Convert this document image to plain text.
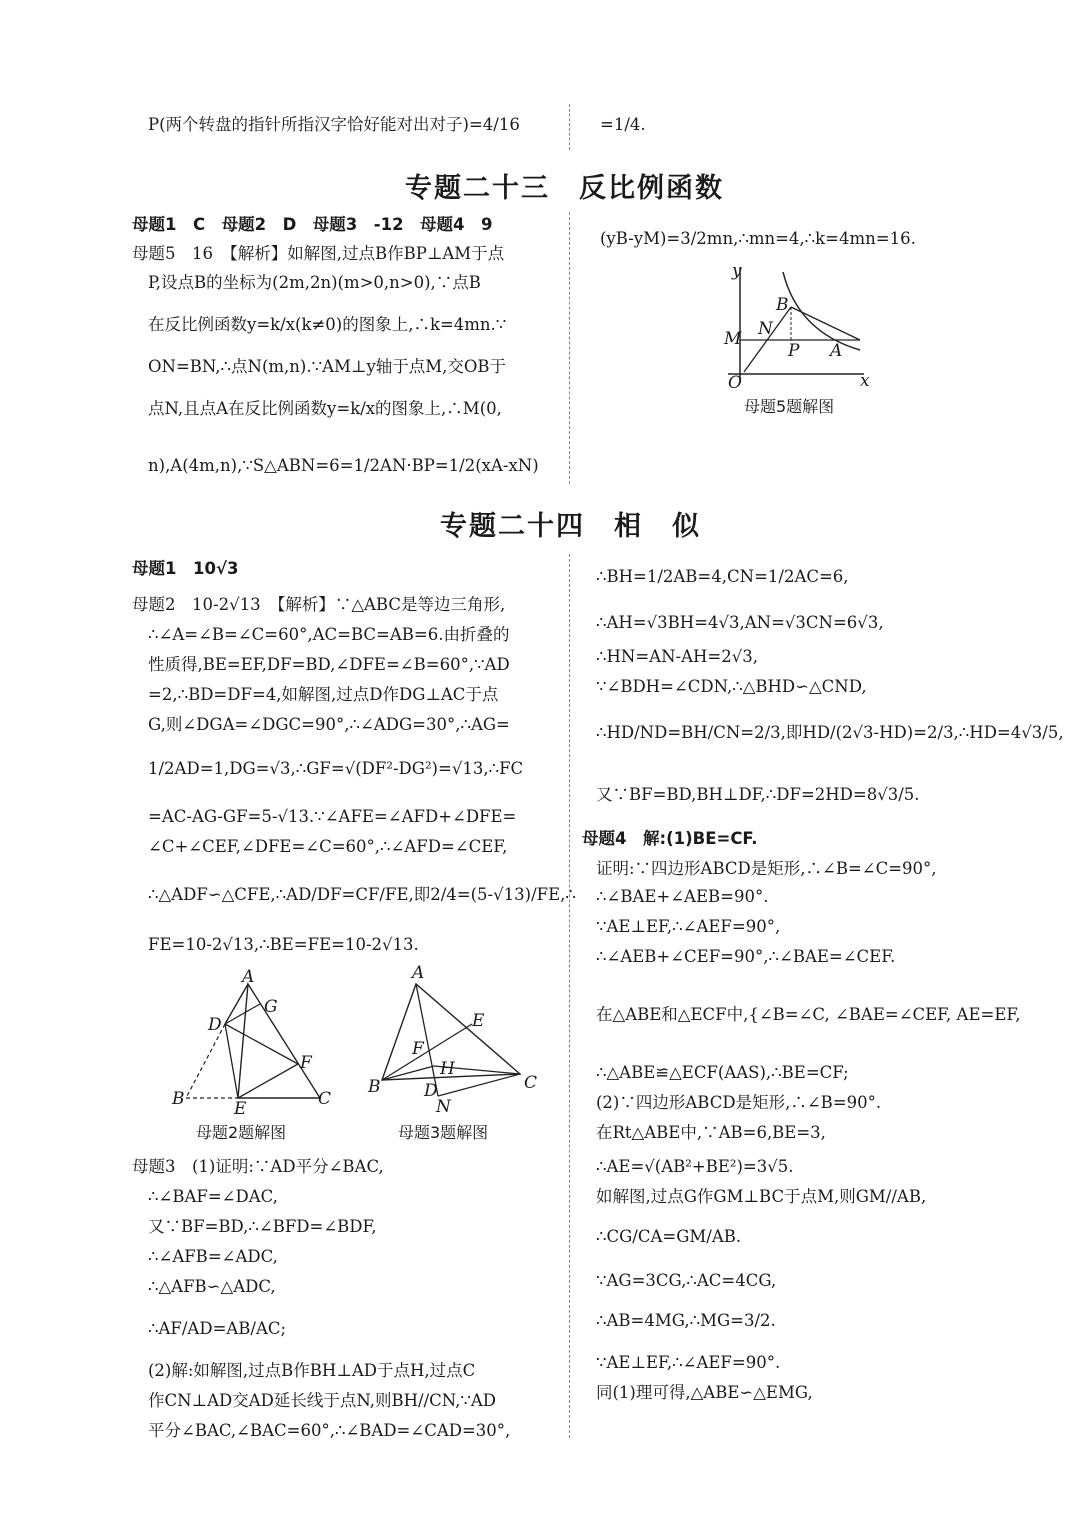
P(两个转盘的指针所指汉字恰好能对出对子)=4/16	=1/4.
专题二十三　反比例函数
母题1　C　母题2　D　母题3　-12　母题4　9
母题5　16　【解析】如解图,过点B作BP⊥AM于点
P,设点B的坐标为(2m,2n)(m>0,n>0),∵点B
在反比例函数y=k/x(k≠0)的图象上,∴k=4mn.∵
ON=BN,∴点N(m,n).∵AM⊥y轴于点M,交OB于
点N,且点A在反比例函数y=k/x的图象上,∴M(0,
n),A(4m,n),∵S△ABN=6=1/2AN·BP=1/2(xA-xN)
(yB-yM)=3/2mn,∴mn=4,∴k=4mn=16.
y
x
O
M N
B
P A
母题5题解图
专题二十四　相　似
母题1　10√3
母题2　10-2√13　【解析】∵△ABC是等边三角形,
∴∠A=∠B=∠C=60°,AC=BC=AB=6.由折叠的
性质得,BE=EF,DF=BD,∠DFE=∠B=60°,∵AD
=2,∴BD=DF=4,如解图,过点D作DG⊥AC于点
G,则∠DGA=∠DGC=90°,∴∠ADG=30°,∴AG=
1/2AD=1,DG=√3,∴GF=√(DF²-DG²)=√13,∴FC
=AC-AG-GF=5-√13.∵∠AFE=∠AFD+∠DFE=
∠C+∠CEF,∠DFE=∠C=60°,∴∠AFD=∠CEF,
∴△ADF∽△CFE,∴AD/DF=CF/FE,即2/4=(5-√13)/FE,∴
FE=10-2√13,∴BE=FE=10-2√13.
A
G
D
F
B	E	C
母题2题解图
A
E
F
H
B	D
N
C
母题3题解图
母题3　(1)证明:∵AD平分∠BAC,
∴∠BAF=∠DAC,
又∵BF=BD,∴∠BFD=∠BDF,
∴∠AFB=∠ADC,
∴△AFB∽△ADC,
∴AF/AD=AB/AC;
(2)解:如解图,过点B作BH⊥AD于点H,过点C
作CN⊥AD交AD延长线于点N,则BH//CN,∵AD
平分∠BAC,∠BAC=60°,∴∠BAD=∠CAD=30°,
∴BH=1/2AB=4,CN=1/2AC=6,
∴AH=√3BH=4√3,AN=√3CN=6√3,
∴HN=AN-AH=2√3,
∵∠BDH=∠CDN,∴△BHD∽△CND,
∴HD/ND=BH/CN=2/3,即HD/(2√3-HD)=2/3,∴HD=4√3/5,
又∵BF=BD,BH⊥DF,∴DF=2HD=8√3/5.
母题4　解:(1)BE=CF.
证明:∵四边形ABCD是矩形,∴∠B=∠C=90°,
∴∠BAE+∠AEB=90°.
∵AE⊥EF,∴∠AEF=90°,
∴∠AEB+∠CEF=90°,∴∠BAE=∠CEF.
在△ABE和△ECF中,{∠B=∠C, ∠BAE=∠CEF, AE=EF,
∴△ABE≌△ECF(AAS),∴BE=CF;
(2)∵四边形ABCD是矩形,∴∠B=90°.
在Rt△ABE中,∵AB=6,BE=3,
∴AE=√(AB²+BE²)=3√5.
如解图,过点G作GM⊥BC于点M,则GM//AB,
∴CG/CA=GM/AB.
∵AG=3CG,∴AC=4CG,
∴AB=4MG,∴MG=3/2.
∵AE⊥EF,∴∠AEF=90°.
同(1)理可得,△ABE∽△EMG,
